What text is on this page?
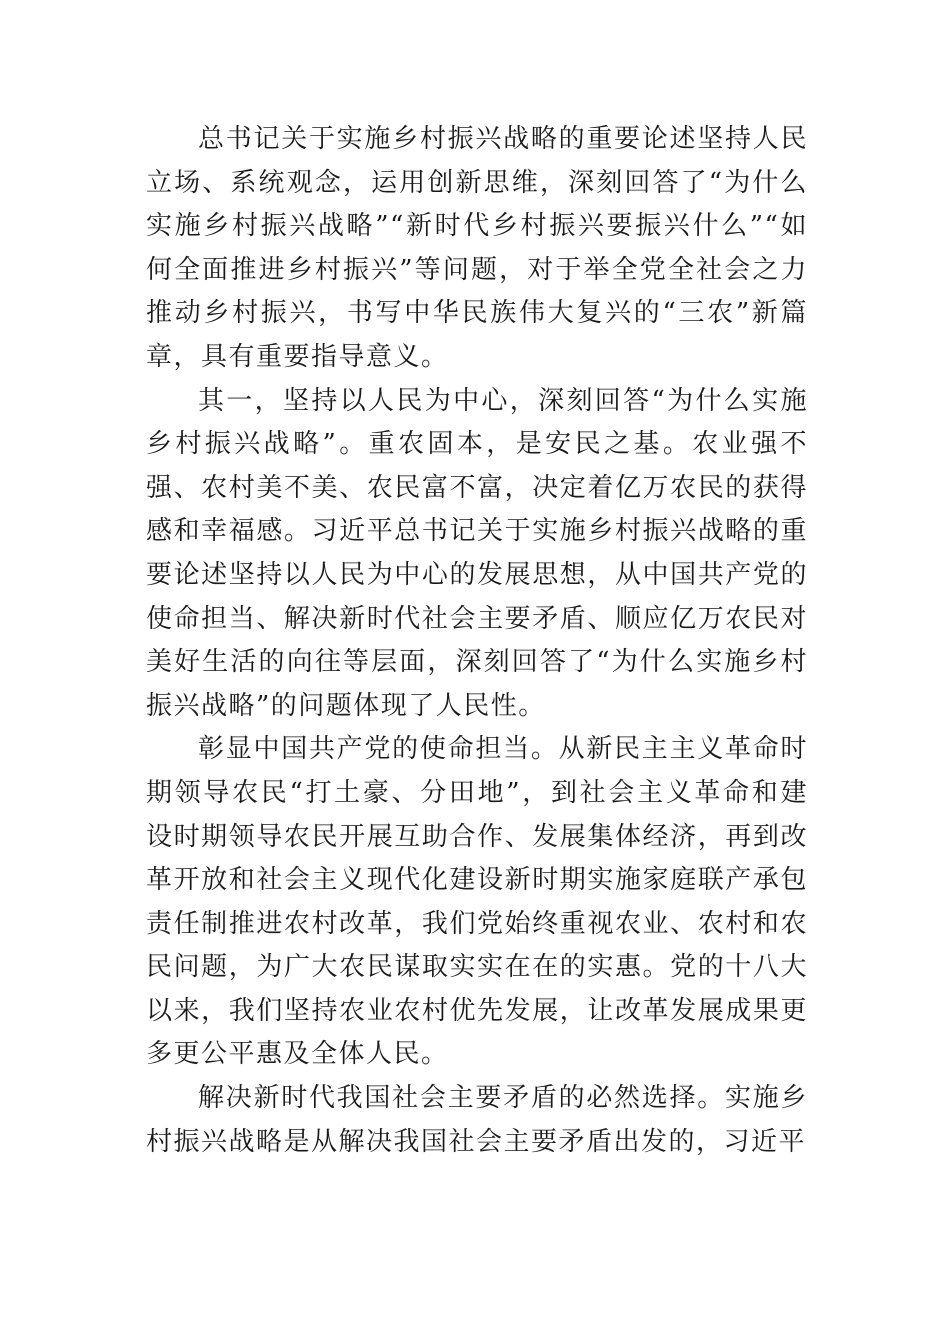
总书记关于实施乡村振兴战略的重要论述坚持人民立场、系统观念，运用创新思维，深刻回答了“为什么实施乡村振兴战略”“新时代乡村振兴要振兴什么”“如何全面推进乡村振兴”等问题，对于举全党全社会之力推动乡村振兴，书写中华民族伟大复兴的“三农”新篇章，具有重要指导意义。

其一，坚持以人民为中心，深刻回答“为什么实施乡村振兴战略”。重农固本，是安民之基。农业强不强、农村美不美、农民富不富，决定着亿万农民的获得感和幸福感。习近平总书记关于实施乡村振兴战略的重要论述坚持以人民为中心的发展思想，从中国共产党的使命担当、解决新时代社会主要矛盾、顺应亿万农民对美好生活的向往等层面，深刻回答了“为什么实施乡村振兴战略”的问题体现了人民性。

彰显中国共产党的使命担当。从新民主主义革命时期领导农民“打土豪、分田地”，到社会主义革命和建设时期领导农民开展互助合作、发展集体经济，再到改革开放和社会主义现代化建设新时期实施家庭联产承包责任制推进农村改革，我们党始终重视农业、农村和农民问题，为广大农民谋取实实在在的实惠。党的十八大以来，我们坚持农业农村优先发展，让改革发展成果更多更公平惠及全体人民。

解决新时代我国社会主要矛盾的必然选择。实施乡村振兴战略是从解决我国社会主要矛盾出发的，习近平
